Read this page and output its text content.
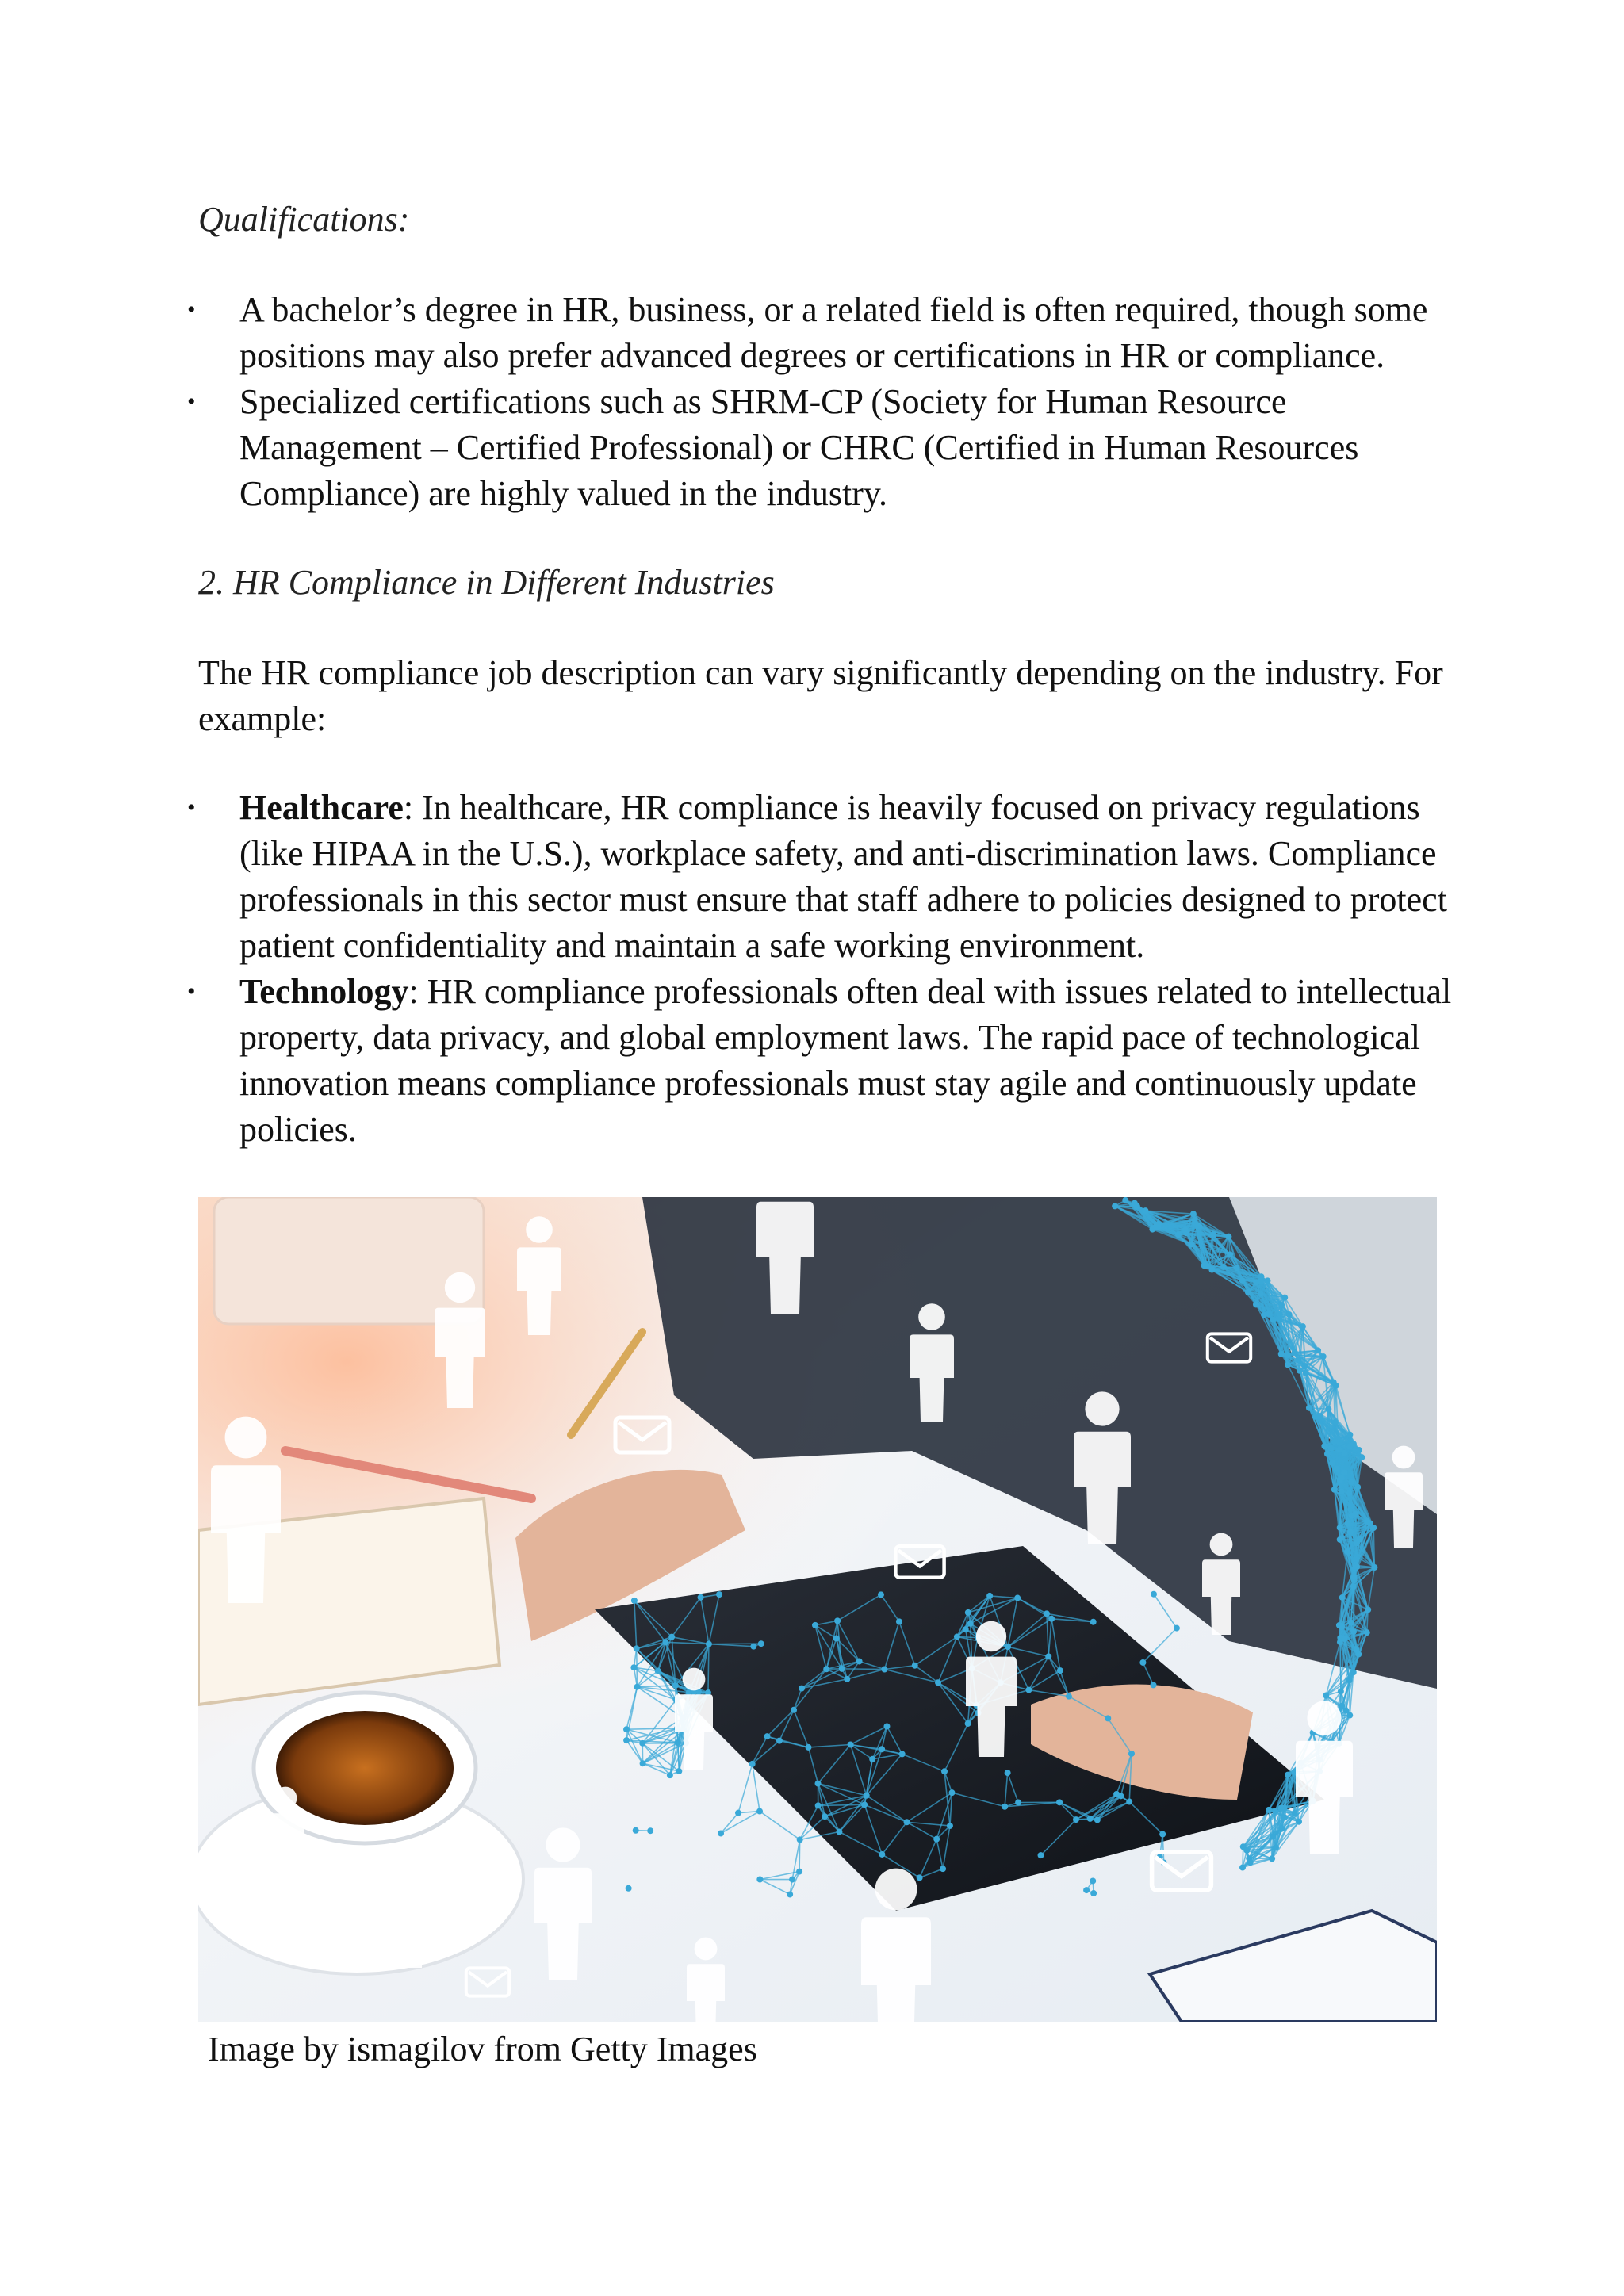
Qualifications:

• A bachelor’s degree in HR, business, or a related field is often required, though some positions may also prefer advanced degrees or certifications in HR or compliance.
• Specialized certifications such as SHRM-CP (Society for Human Resource Management – Certified Professional) or CHRC (Certified in Human Resources Compliance) are highly valued in the industry.

2. HR Compliance in Different Industries

The HR compliance job description can vary significantly depending on the industry. For example:

• Healthcare: In healthcare, HR compliance is heavily focused on privacy regulations (like HIPAA in the U.S.), workplace safety, and anti-discrimination laws. Compliance professionals in this sector must ensure that staff adhere to policies designed to protect patient confidentiality and maintain a safe working environment.
• Technology: HR compliance professionals often deal with issues related to intellectual property, data privacy, and global employment laws. The rapid pace of technological innovation means compliance professionals must stay agile and continuously update policies.

Image by ismagilov from Getty Images
